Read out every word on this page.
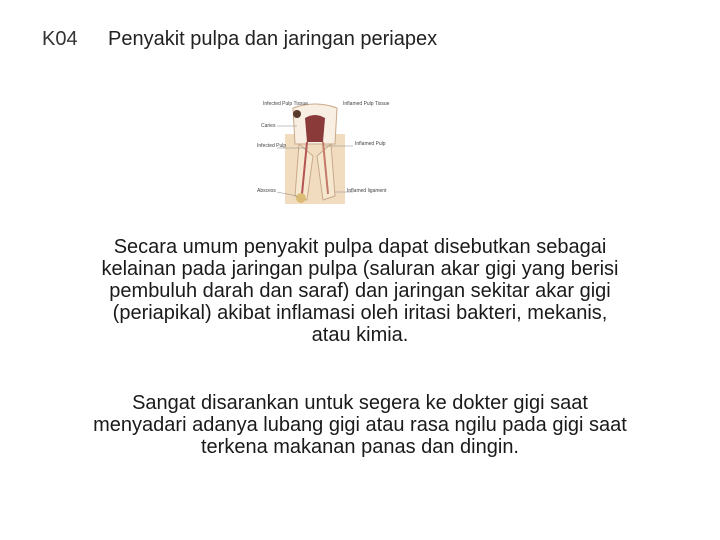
K04 Penyakit pulpa dan jaringan periapex
Infected Pulp Tissue	Inflamed Pulp Tissue
Caries
Infected Pulp	Inflamed Pulp
Abscess	Inflamed ligament
Secara umum penyakit pulpa dapat disebutkan sebagai
kelainan pada jaringan pulpa (saluran akar gigi yang berisi
pembuluh darah dan saraf) dan jaringan sekitar akar gigi
(periapikal) akibat inflamasi oleh iritasi bakteri, mekanis,
atau kimia.
Sangat disarankan untuk segera ke dokter gigi saat
menyadari adanya lubang gigi atau rasa ngilu pada gigi saat
terkena makanan panas dan dingin.
